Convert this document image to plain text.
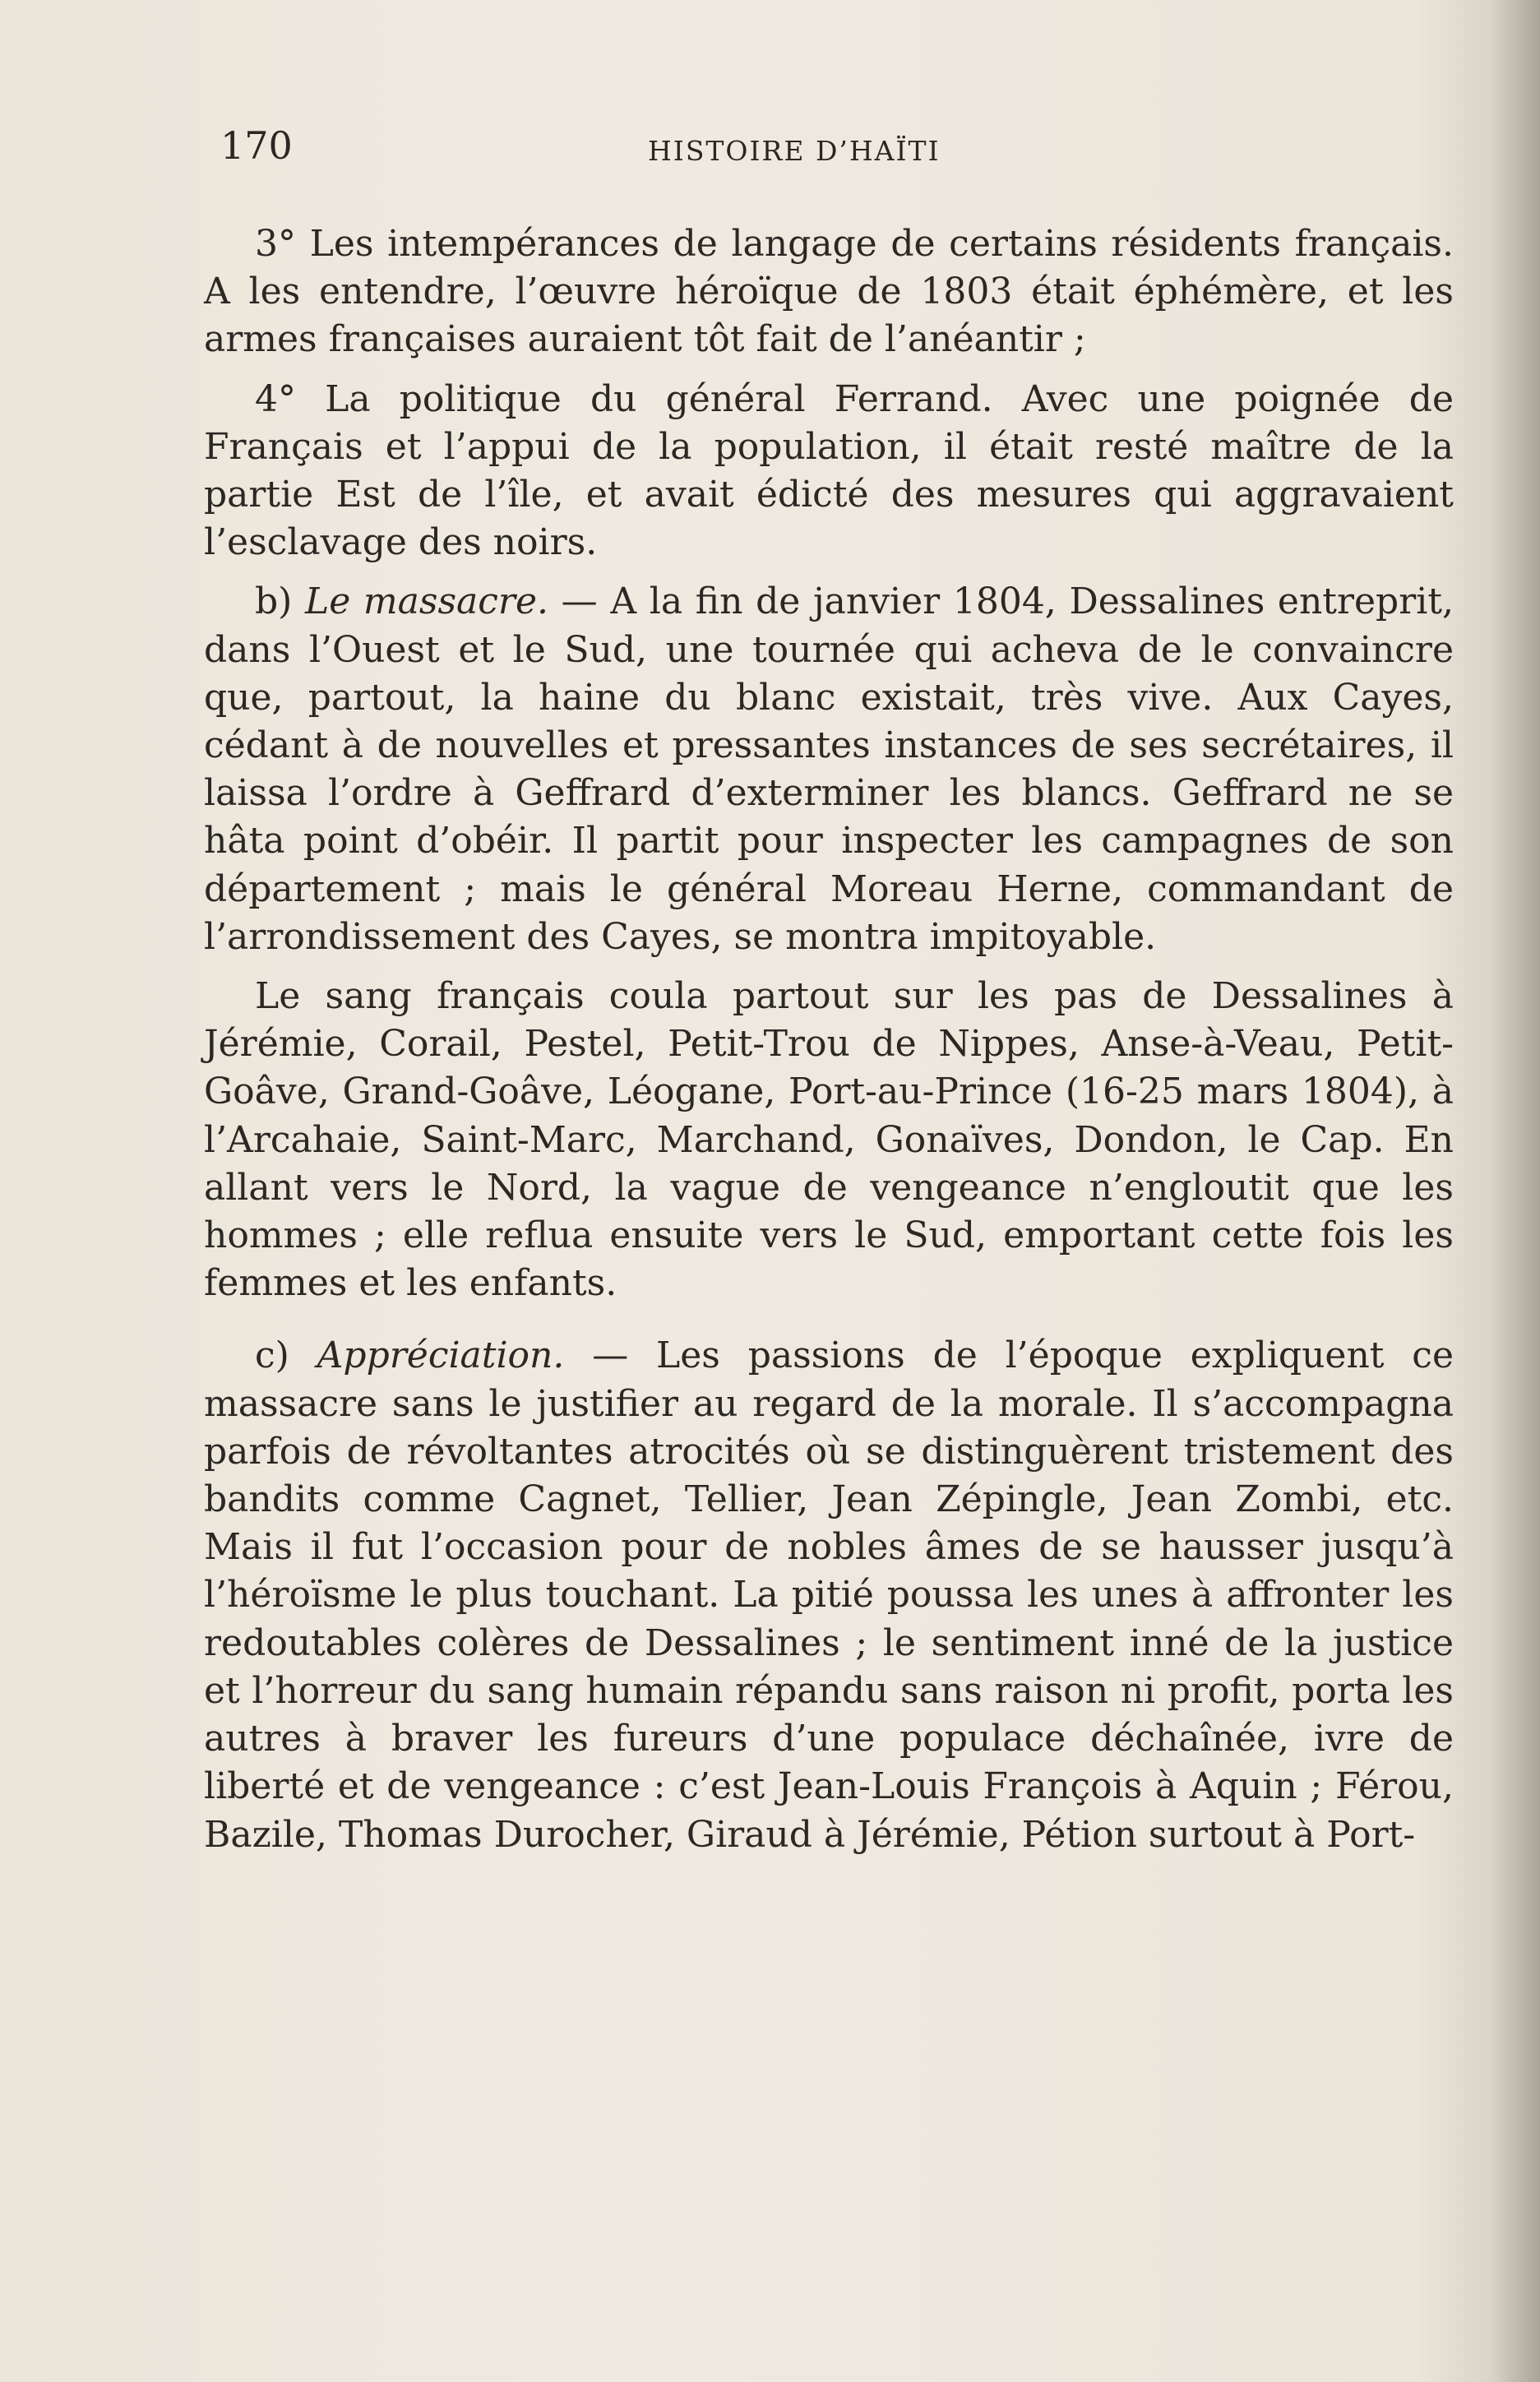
170	HISTOIRE D’HAÏTI

3° Les intempérances de langage de certains résidents français. A les entendre, l’œuvre héroïque de 1803 était éphémère, et les armes françaises auraient tôt fait de l’anéantir ;

4° La politique du général Ferrand. Avec une poignée de Français et l’appui de la population, il était resté maître de la partie Est de l’île, et avait édicté des mesures qui aggravaient l’esclavage des noirs.

b) Le massacre. — A la fin de janvier 1804, Dessalines entreprit, dans l’Ouest et le Sud, une tournée qui acheva de le convaincre que, partout, la haine du blanc existait, très vive. Aux Cayes, cédant à de nouvelles et pressantes instances de ses secrétaires, il laissa l’ordre à Geffrard d’exterminer les blancs. Geffrard ne se hâta point d’obéir. Il partit pour inspecter les campagnes de son département ; mais le général Moreau Herne, commandant de l’arrondissement des Cayes, se montra impitoyable.

Le sang français coula partout sur les pas de Dessalines à Jérémie, Corail, Pestel, Petit-Trou de Nippes, Anse-à-Veau, Petit-Goâve, Grand-Goâve, Léogane, Port-au-Prince (16-25 mars 1804), à l’Arcahaie, Saint-Marc, Marchand, Gonaïves, Dondon, le Cap. En allant vers le Nord, la vague de vengeance n’engloutit que les hommes ; elle reflua ensuite vers le Sud, emportant cette fois les femmes et les enfants.

c) Appréciation. — Les passions de l’époque expliquent ce massacre sans le justifier au regard de la morale. Il s’accompagna parfois de révoltantes atrocités où se distinguèrent tristement des bandits comme Cagnet, Tellier, Jean Zépingle, Jean Zombi, etc. Mais il fut l’occasion pour de nobles âmes de se hausser jusqu’à l’héroïsme le plus touchant. La pitié poussa les unes à affronter les redoutables colères de Dessalines ; le sentiment inné de la justice et l’horreur du sang humain répandu sans raison ni profit, porta les autres à braver les fureurs d’une populace déchaînée, ivre de liberté et de vengeance : c’est Jean-Louis François à Aquin ; Férou, Bazile, Thomas Durocher, Giraud à Jérémie, Pétion surtout à Port-
